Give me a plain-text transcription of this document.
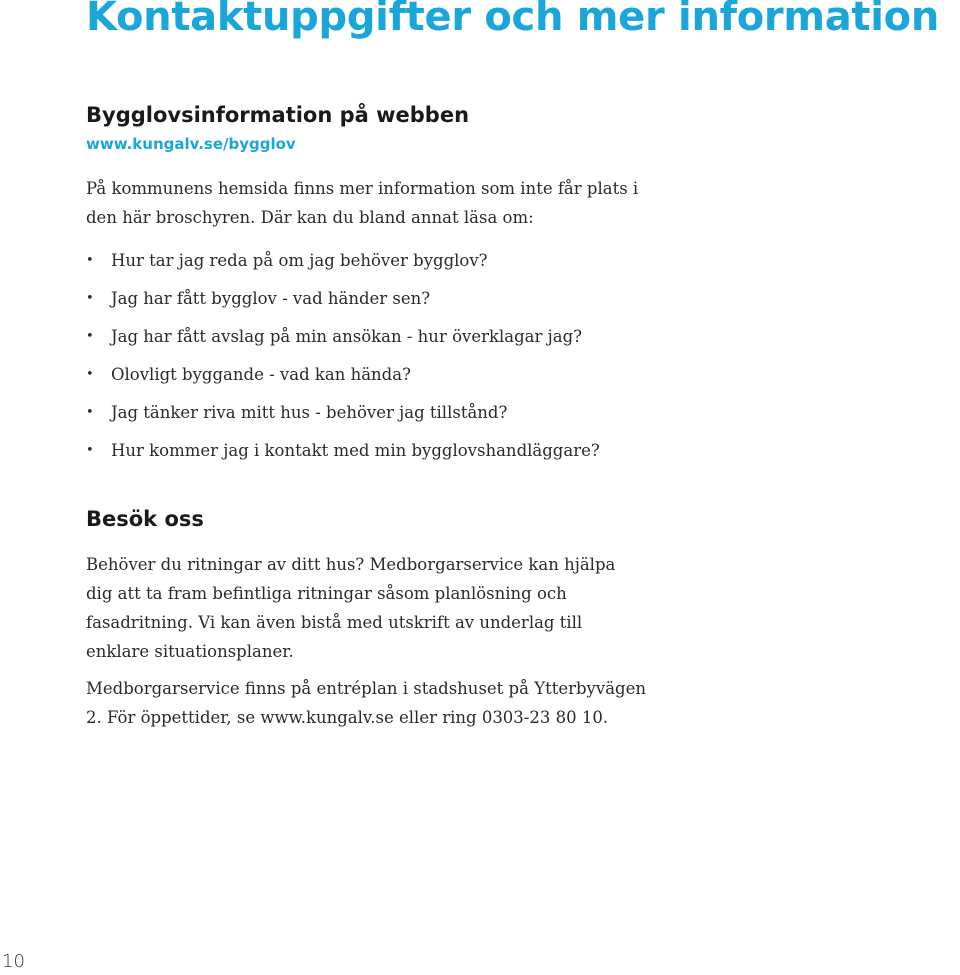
Kontaktuppgifter och mer information
Bygglovsinformation på webben
www.kungalv.se/bygglov

På kommunens hemsida finns mer information som inte får plats i den här broschyren. Där kan du bland annat läsa om:

• Hur tar jag reda på om jag behöver bygglov?
• Jag har fått bygglov - vad händer sen?
• Jag har fått avslag på min ansökan - hur överklagar jag?
• Olovligt byggande - vad kan hända?
• Jag tänker riva mitt hus - behöver jag tillstånd?
• Hur kommer jag i kontakt med min bygglovshandläggare?
Besök oss

Behöver du ritningar av ditt hus? Medborgarservice kan hjälpa dig att ta fram befintliga ritningar såsom planlösning och fasadritning. Vi kan även bistå med utskrift av underlag till enklare situationsplaner.

Medborgarservice finns på entréplan i stadshuset på Ytterbyvägen 2. För öppettider, se www.kungalv.se eller ring 0303-23 80 10.

10
